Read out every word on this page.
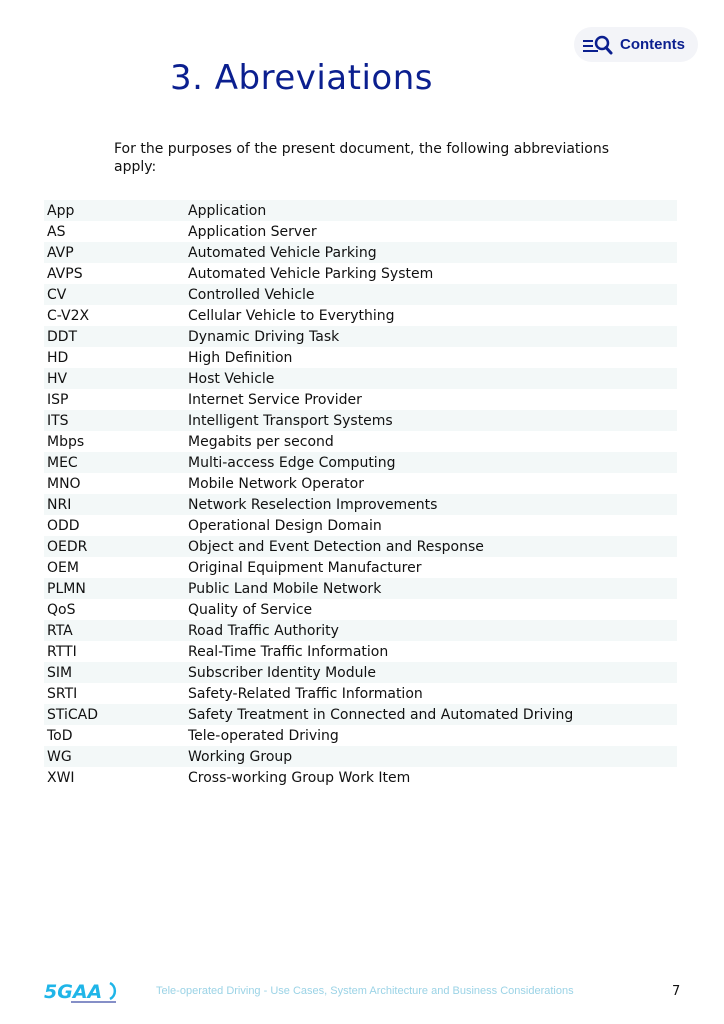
Contents
3. Abreviations

For the purposes of the present document, the following abbreviations apply:

App	Application
AS	Application Server
AVP	Automated Vehicle Parking
AVPS	Automated Vehicle Parking System
CV	Controlled Vehicle
C-V2X	Cellular Vehicle to Everything
DDT	Dynamic Driving Task
HD	High Definition
HV	Host Vehicle
ISP	Internet Service Provider
ITS	Intelligent Transport Systems
Mbps	Megabits per second
MEC	Multi-access Edge Computing
MNO	Mobile Network Operator
NRI	Network Reselection Improvements
ODD	Operational Design Domain
OEDR	Object and Event Detection and Response
OEM	Original Equipment Manufacturer
PLMN	Public Land Mobile Network
QoS	Quality of Service
RTA	Road Traffic Authority
RTTI	Real-Time Traffic Information
SIM	Subscriber Identity Module
SRTI	Safety-Related Traffic Information
STiCAD	Safety Treatment in Connected and Automated Driving
ToD	Tele-operated Driving
WG	Working Group
XWI	Cross-working Group Work Item
5GAA	Tele-operated Driving - Use Cases, System Architecture and Business Considerations	7
